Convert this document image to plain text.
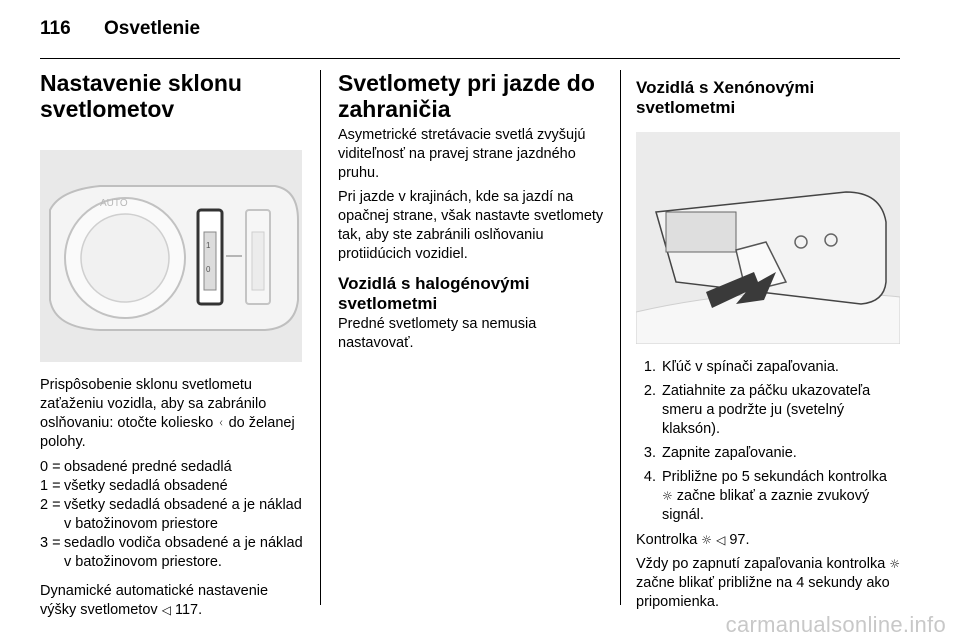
116 Osvetlenie
Nastavenie sklonu svetlometov
AUTO
1
0

Prispôsobenie sklonu svetlometu zaťaženiu vozidla, aby sa zabránilo oslňovaniu: otočte koliesko ᚲ do želanej polohy.

0 = obsadené predné sedadlá
1 = všetky sedadlá obsadené
2 = všetky sedadlá obsadené a je náklad v batožinovom priestore
3 = sedadlo vodiča obsadené a je náklad v batožinovom priestore.

Dynamické automatické nastavenie výšky svetlometov ◁ 117.

Svetlomety pri jazde do zahraničia

Asymetrické stretávacie svetlá zvyšujú viditeľnosť na pravej strane jazdného pruhu.

Pri jazde v krajinách, kde sa jazdí na opačnej strane, však nastavte svetlomety tak, aby ste zabránili oslňovaniu protiidúcich vozidiel.

Vozidlá s halogénovými svetlometmi

Predné svetlomety sa nemusia nastavovať.

Vozidlá s Xenónovými svetlometmi
1. Kľúč v spínači zapaľovania.
2. Zatiahnite za páčku ukazovateľa smeru a podržte ju (svetelný klaksón).
3. Zapnite zapaľovanie.
4. Približne po 5 sekundách kontrolka ☼ začne blikať a zaznie zvukový signál.

Kontrolka ☼ ◁ 97.

Vždy po zapnutí zapaľovania kontrolka ☼ začne blikať približne na 4 sekundy ako pripomienka.

carmanualsonline.info
